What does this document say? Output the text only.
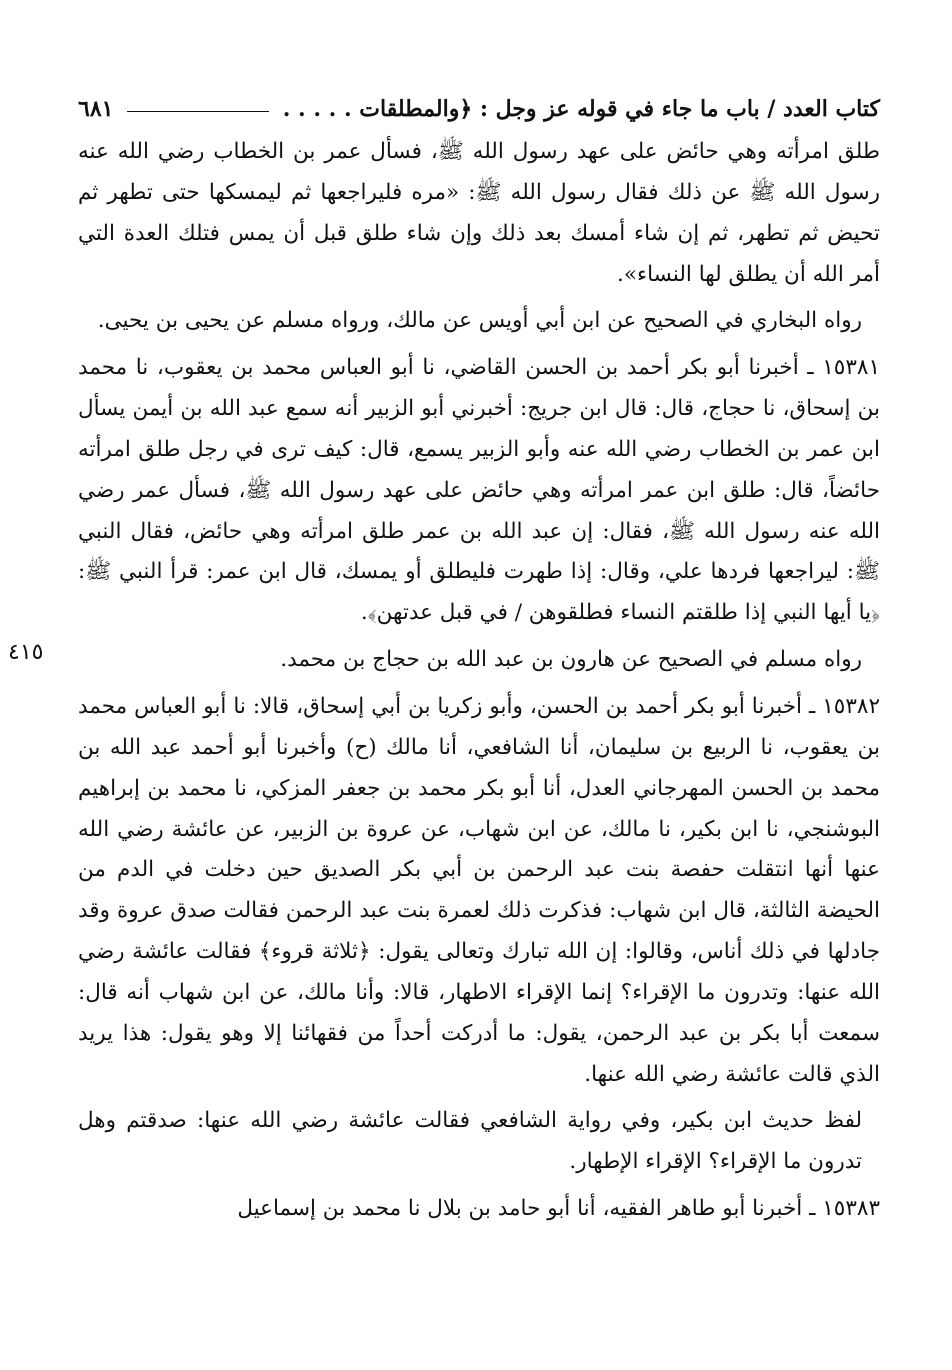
كتاب العدد / باب ما جاء في قوله عز وجل : ﴿والمطلقات . . . . .
٦٨١

طلق امرأته وهي حائض على عهد رسول الله ﷺ، فسأل عمر بن الخطاب رضي الله عنه رسول الله ﷺ عن ذلك فقال رسول الله ﷺ: «مره فليراجعها ثم ليمسكها حتى تطهر ثم تحيض ثم تطهر، ثم إن شاء أمسك بعد ذلك وإن شاء طلق قبل أن يمس فتلك العدة التي أمر الله أن يطلق لها النساء».

رواه البخاري في الصحيح عن ابن أبي أويس عن مالك، ورواه مسلم عن يحيى بن يحيى.

١٥٣٨١ ـ أخبرنا أبو بكر أحمد بن الحسن القاضي، نا أبو العباس محمد بن يعقوب، نا محمد بن إسحاق، نا حجاج، قال: قال ابن جريج: أخبرني أبو الزبير أنه سمع عبد الله بن أيمن يسأل ابن عمر بن الخطاب رضي الله عنه وأبو الزبير يسمع، قال: كيف ترى في رجل طلق امرأته حائضاً، قال: طلق ابن عمر امرأته وهي حائض على عهد رسول الله ﷺ، فسأل عمر رضي الله عنه رسول الله ﷺ، فقال: إن عبد الله بن عمر طلق امرأته وهي حائض، فقال النبي ﷺ: ليراجعها فردها علي، وقال: إذا طهرت فليطلق أو يمسك، قال ابن عمر: قرأ النبي ﷺ: ﴿يا أيها النبي إذا طلقتم النساء فطلقوهن / في قبل عدتهن﴾.

رواه مسلم في الصحيح عن هارون بن عبد الله بن حجاج بن محمد.

١٥٣٨٢ ـ أخبرنا أبو بكر أحمد بن الحسن، وأبو زكريا بن أبي إسحاق، قالا: نا أبو العباس محمد بن يعقوب، نا الربيع بن سليمان، أنا الشافعي، أنا مالك (ح) وأخبرنا أبو أحمد عبد الله بن محمد بن الحسن المهرجاني العدل، أنا أبو بكر محمد بن جعفر المزكي، نا محمد بن إبراهيم البوشنجي، نا ابن بكير، نا مالك، عن ابن شهاب، عن عروة بن الزبير، عن عائشة رضي الله عنها أنها انتقلت حفصة بنت عبد الرحمن بن أبي بكر الصديق حين دخلت في الدم من الحيضة الثالثة، قال ابن شهاب: فذكرت ذلك لعمرة بنت عبد الرحمن فقالت صدق عروة وقد جادلها في ذلك أناس، وقالوا: إن الله تبارك وتعالى يقول: ﴿ثلاثة قروء﴾ فقالت عائشة رضي الله عنها: وتدرون ما الإقراء؟ إنما الإقراء الاطهار، قالا: وأنا مالك، عن ابن شهاب أنه قال: سمعت أبا بكر بن عبد الرحمن، يقول: ما أدركت أحداً من فقهائنا إلا وهو يقول: هذا يريد الذي قالت عائشة رضي الله عنها.

لفظ حديث ابن بكير، وفي رواية الشافعي فقالت عائشة رضي الله عنها: صدقتم وهل تدرون ما الإقراء؟ الإقراء الإطهار.

١٥٣٨٣ ـ أخبرنا أبو طاهر الفقيه، أنا أبو حامد بن بلال نا محمد بن إسماعيل

٤١٥
